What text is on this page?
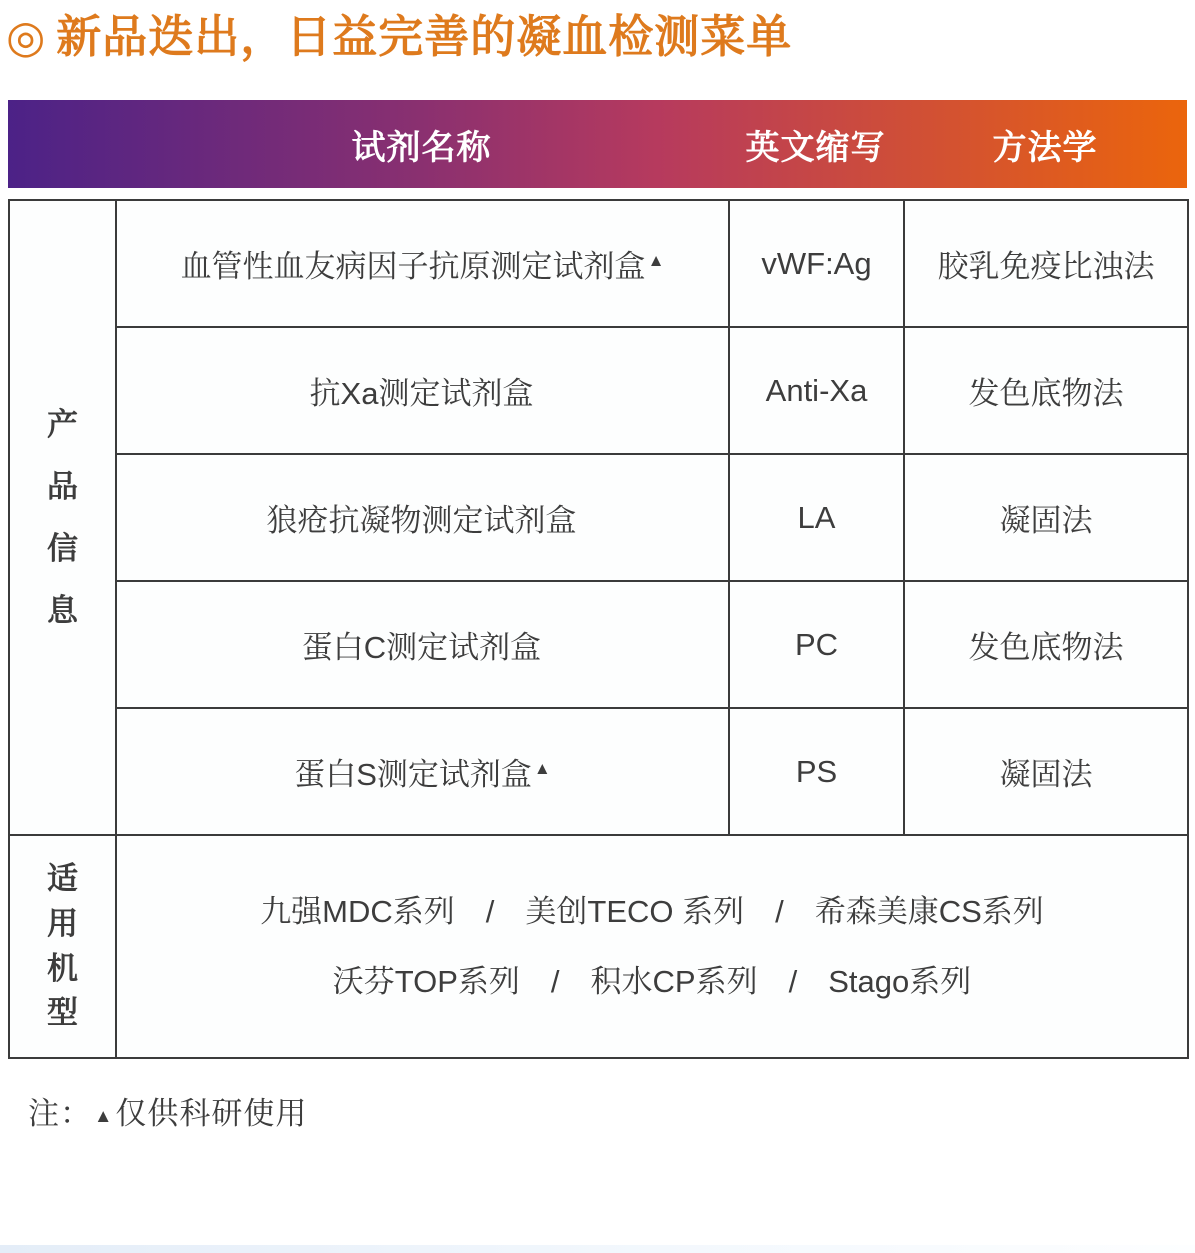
◎ 新品迭出，日益完善的凝血检测菜单
试剂名称	英文缩写	方法学
产品信息	血管性血友病因子抗原测定试剂盒 ▲	vWF:Ag	胶乳免疫比浊法
	抗Xa测定试剂盒	Anti-Xa	发色底物法
	狼疮抗凝物测定试剂盒	LA	凝固法
	蛋白C测定试剂盒	PC	发色底物法
	蛋白S测定试剂盒 ▲	PS	凝固法

适用机型	九强MDC系列　/　美创TECO 系列　/　希森美康CS系列
沃芬TOP系列　/　积水CP系列　/　Stago系列		

注： ▲仅供科研使用
